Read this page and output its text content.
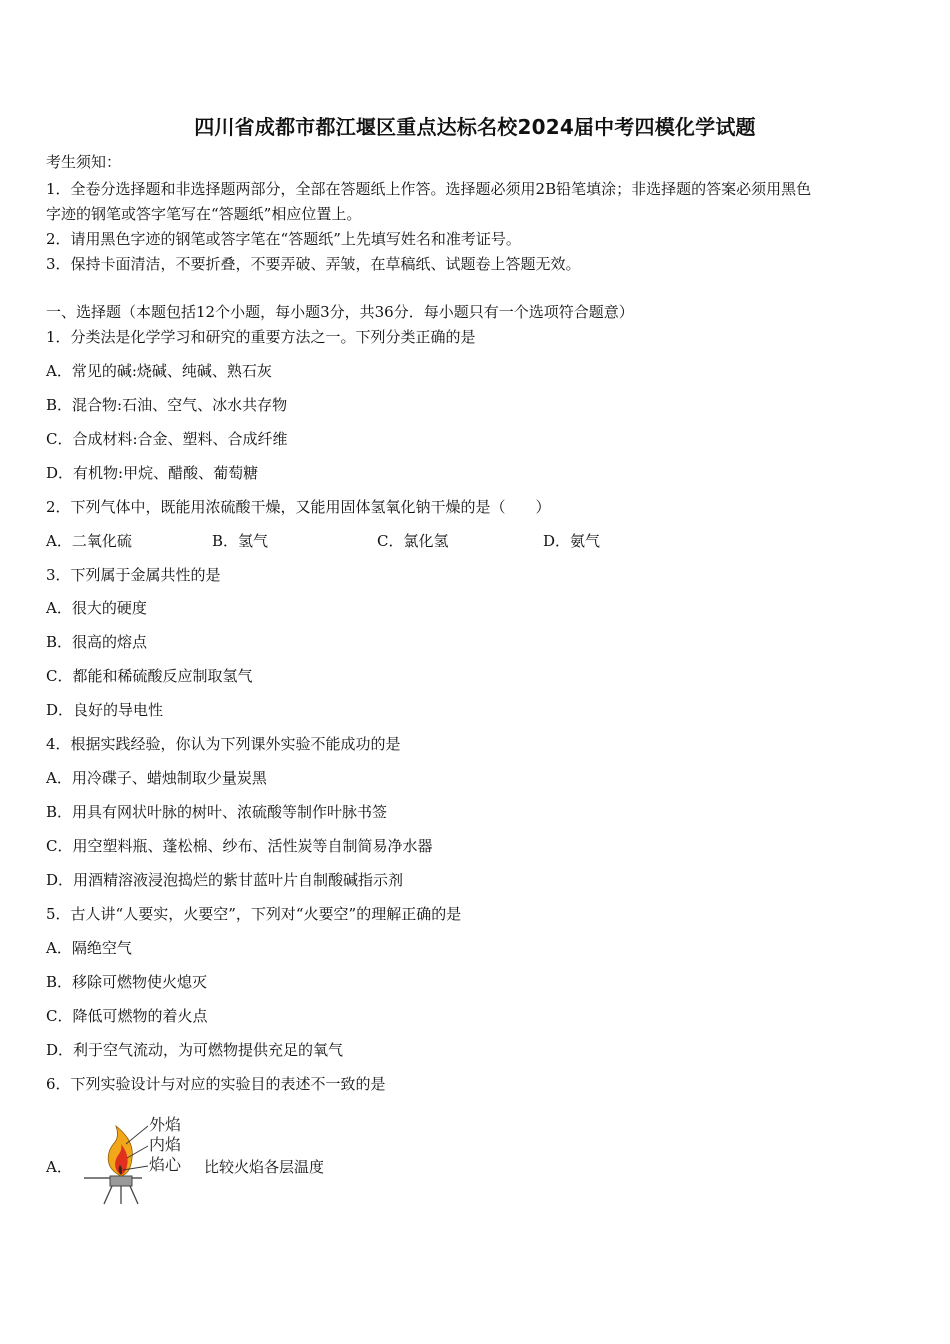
四川省成都市都江堰区重点达标名校2024届中考四模化学试题
考生须知：
1．全卷分选择题和非选择题两部分，全部在答题纸上作答。选择题必须用2B铅笔填涂；非选择题的答案必须用黑色
字迹的钢笔或答字笔写在“答题纸”相应位置上。
2．请用黑色字迹的钢笔或答字笔在“答题纸”上先填写姓名和准考证号。
3．保持卡面清洁，不要折叠，不要弄破、弄皱，在草稿纸、试题卷上答题无效。
一、选择题（本题包括12个小题，每小题3分，共36分．每小题只有一个选项符合题意）
1．分类法是化学学习和研究的重要方法之一。下列分类正确的是
A．常见的碱:烧碱、纯碱、熟石灰
B．混合物:石油、空气、冰水共存物
C．合成材料:合金、塑料、合成纤维
D．有机物:甲烷、醋酸、葡萄糖
2．下列气体中，既能用浓硫酸干燥，又能用固体氢氧化钠干燥的是（　　）
A．二氧化硫	B．氢气	C．氯化氢	D．氨气
3．下列属于金属共性的是
A．很大的硬度
B．很高的熔点
C．都能和稀硫酸反应制取氢气
D．良好的导电性
4．根据实践经验，你认为下列课外实验不能成功的是
A．用冷碟子、蜡烛制取少量炭黑
B．用具有网状叶脉的树叶、浓硫酸等制作叶脉书签
C．用空塑料瓶、蓬松棉、纱布、活性炭等自制简易净水器
D．用酒精溶液浸泡捣烂的紫甘蓝叶片自制酸碱指示剂
5．古人讲“人要实，火要空”，下列对“火要空”的理解正确的是
A．隔绝空气
B．移除可燃物使火熄灭
C．降低可燃物的着火点
D．利于空气流动，为可燃物提供充足的氧气
6．下列实验设计与对应的实验目的表述不一致的是
A．
外焰
内焰
焰心 比较火焰各层温度
